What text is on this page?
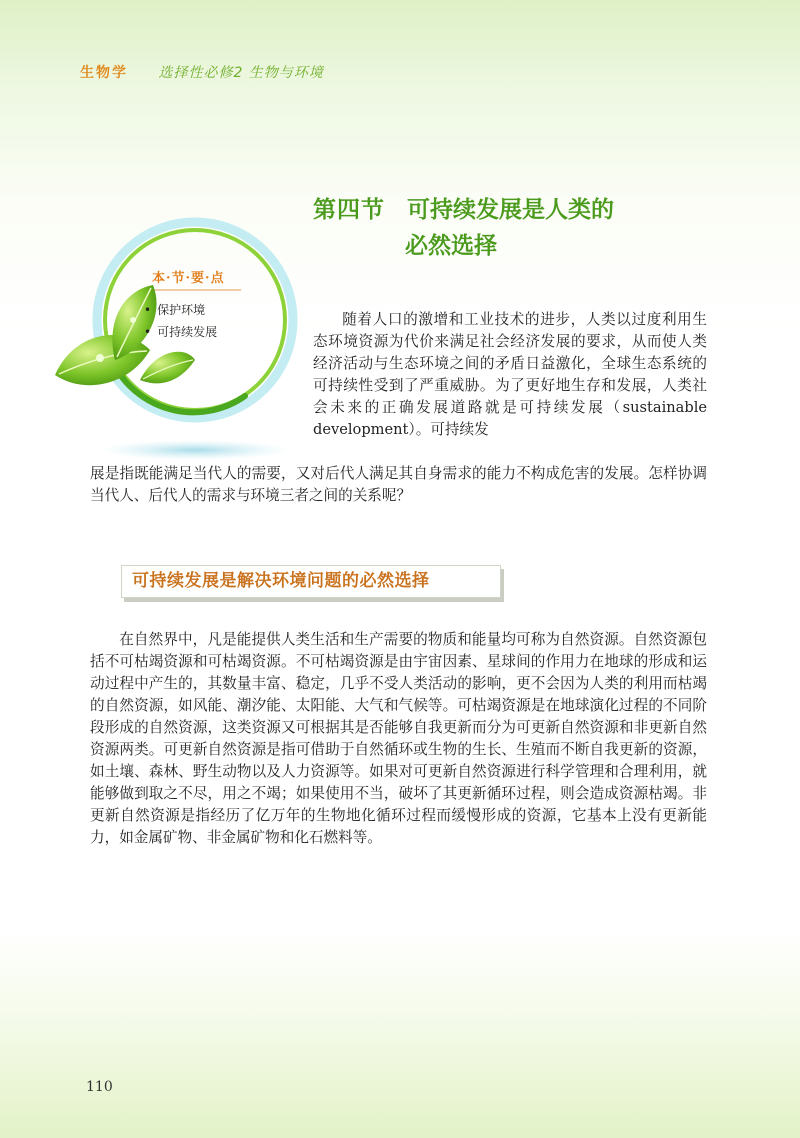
生物学 选择性必修2 生物与环境
第四节 可持续发展是人类的
必然选择
本·节·要·点
• 保护环境
• 可持续发展

随着人口的激增和工业技术的进步，人类以过度利用生态环境资源为代价来满足社会经济发展的要求，从而使人类经济活动与生态环境之间的矛盾日益激化，全球生态系统的可持续性受到了严重威胁。为了更好地生存和发展，人类社会未来的正确发展道路就是可持续发展（sustainable development）。可持续发

展是指既能满足当代人的需要，又对后代人满足其自身需求的能力不构成危害的发展。怎样协调当代人、后代人的需求与环境三者之间的关系呢？

可持续发展是解决环境问题的必然选择

在自然界中，凡是能提供人类生活和生产需要的物质和能量均可称为自然资源。自然资源包括不可枯竭资源和可枯竭资源。不可枯竭资源是由宇宙因素、星球间的作用力在地球的形成和运动过程中产生的，其数量丰富、稳定，几乎不受人类活动的影响，更不会因为人类的利用而枯竭的自然资源，如风能、潮汐能、太阳能、大气和气候等。可枯竭资源是在地球演化过程的不同阶段形成的自然资源，这类资源又可根据其是否能够自我更新而分为可更新自然资源和非更新自然资源两类。可更新自然资源是指可借助于自然循环或生物的生长、生殖而不断自我更新的资源，如土壤、森林、野生动物以及人力资源等。如果对可更新自然资源进行科学管理和合理利用，就能够做到取之不尽，用之不竭；如果使用不当，破坏了其更新循环过程，则会造成资源枯竭。非更新自然资源是指经历了亿万年的生物地化循环过程而缓慢形成的资源，它基本上没有更新能力，如金属矿物、非金属矿物和化石燃料等。

110
